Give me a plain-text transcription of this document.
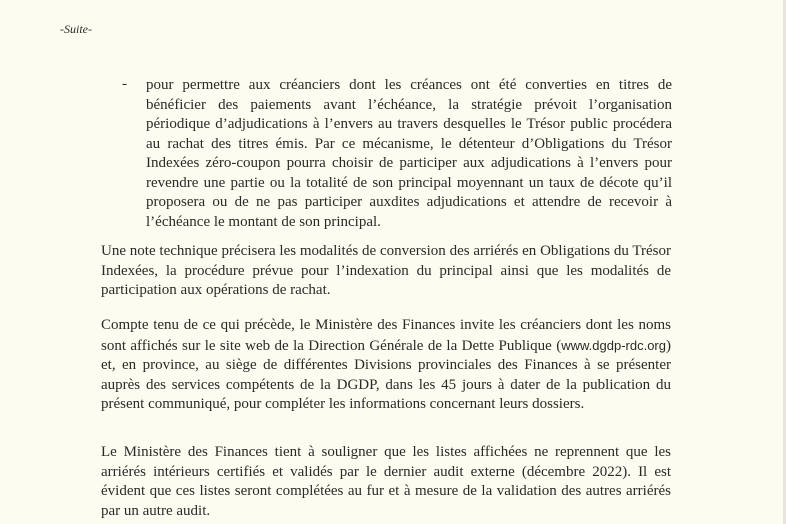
-Suite-
- pour permettre aux créanciers dont les créances ont été converties en titres de bénéficier des paiements avant l’échéance, la stratégie prévoit l’organisation périodique d’adjudications à l’envers au travers desquelles le Trésor public procédera au rachat des titres émis. Par ce mécanisme, le détenteur d’Obligations du Trésor Indexées zéro-coupon pourra choisir de participer aux adjudications à l’envers pour revendre une partie ou la totalité de son principal moyennant un taux de décote qu’il proposera ou de ne pas participer auxdites adjudications et attendre de recevoir à l’échéance le montant de son principal.

Une note technique précisera les modalités de conversion des arriérés en Obligations du Trésor Indexées, la procédure prévue pour l’indexation du principal ainsi que les modalités de participation aux opérations de rachat.

Compte tenu de ce qui précède, le Ministère des Finances invite les créanciers dont les noms sont affichés sur le site web de la Direction Générale de la Dette Publique (www.dgdp-rdc.org) et, en province, au siège de différentes Divisions provinciales des Finances à se présenter auprès des services compétents de la DGDP, dans les 45 jours à dater de la publication du présent communiqué, pour compléter les informations concernant leurs dossiers.

Le Ministère des Finances tient à souligner que les listes affichées ne reprennent que les arriérés intérieurs certifiés et validés par le dernier audit externe (décembre 2022). Il est évident que ces listes seront complétées au fur et à mesure de la validation des autres arriérés par un autre audit.
